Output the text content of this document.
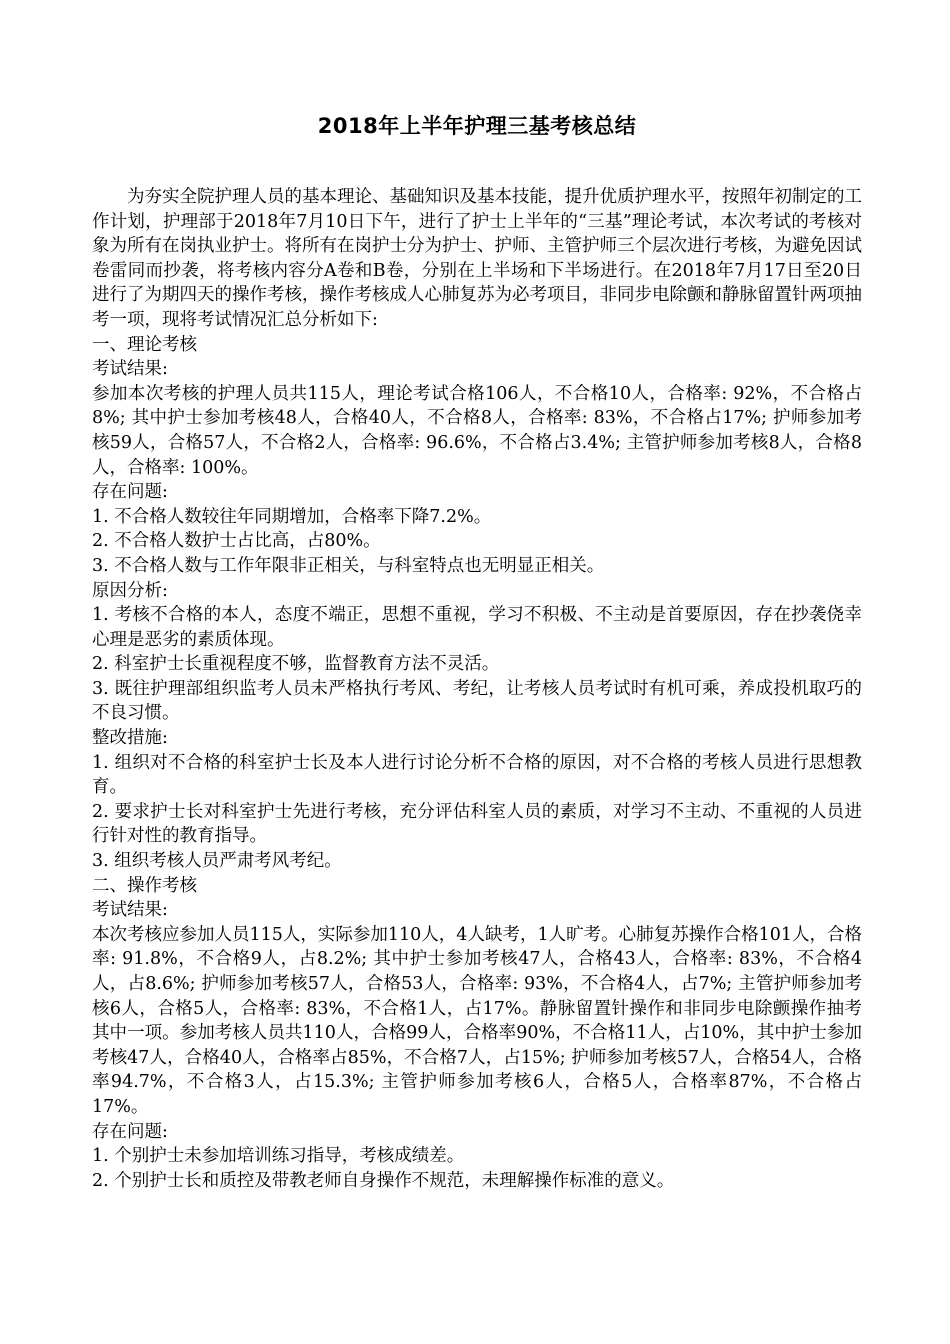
2018年上半年护理三基考核总结

为夯实全院护理人员的基本理论、基础知识及基本技能，提升优质护理水平，按照年初制定的工作计划，护理部于2018年7月10日下午，进行了护士上半年的“三基”理论考试，本次考试的考核对象为所有在岗执业护士。将所有在岗护士分为护士、护师、主管护师三个层次进行考核，为避免因试卷雷同而抄袭，将考核内容分A卷和B卷，分别在上半场和下半场进行。在2018年7月17日至20日进行了为期四天的操作考核，操作考核成人心肺复苏为必考项目，非同步电除颤和静脉留置针两项抽考一项，现将考试情况汇总分析如下:

一、理论考核

考试结果:

参加本次考核的护理人员共115人，理论考试合格106人，不合格10人，合格率: 92%，不合格占8%; 其中护士参加考核48人，合格40人，不合格8人，合格率: 83%，不合格占17%; 护师参加考核59人，合格57人，不合格2人，合格率: 96.6%，不合格占3.4%; 主管护师参加考核8人，合格8人，合格率: 100%。

存在问题:

1. 不合格人数较往年同期增加，合格率下降7.2%。

2. 不合格人数护士占比高，占80%。

3. 不合格人数与工作年限非正相关，与科室特点也无明显正相关。

原因分析:

1. 考核不合格的本人，态度不端正，思想不重视，学习不积极、不主动是首要原因，存在抄袭侥幸心理是恶劣的素质体现。

2. 科室护士长重视程度不够，监督教育方法不灵活。

3. 既往护理部组织监考人员未严格执行考风、考纪，让考核人员考试时有机可乘，养成投机取巧的不良习惯。

整改措施:

1. 组织对不合格的科室护士长及本人进行讨论分析不合格的原因，对不合格的考核人员进行思想教育。

2. 要求护士长对科室护士先进行考核，充分评估科室人员的素质，对学习不主动、不重视的人员进行针对性的教育指导。

3. 组织考核人员严肃考风考纪。

二、操作考核

考试结果:

本次考核应参加人员115人，实际参加110人，4人缺考，1人旷考。心肺复苏操作合格101人，合格率: 91.8%，不合格9人，占8.2%; 其中护士参加考核47人，合格43人，合格率: 83%，不合格4人，占8.6%; 护师参加考核57人，合格53人，合格率: 93%，不合格4人，占7%; 主管护师参加考核6人，合格5人，合格率: 83%，不合格1人，占17%。静脉留置针操作和非同步电除颤操作抽考其中一项。参加考核人员共110人，合格99人，合格率90%，不合格11人，占10%，其中护士参加考核47人，合格40人，合格率占85%，不合格7人，占15%; 护师参加考核57人，合格54人，合格率94.7%，不合格3人，占15.3%; 主管护师参加考核6人，合格5人，合格率87%，不合格占17%。

存在问题:

1. 个别护士未参加培训练习指导，考核成绩差。

2. 个别护士长和质控及带教老师自身操作不规范，未理解操作标准的意义。
